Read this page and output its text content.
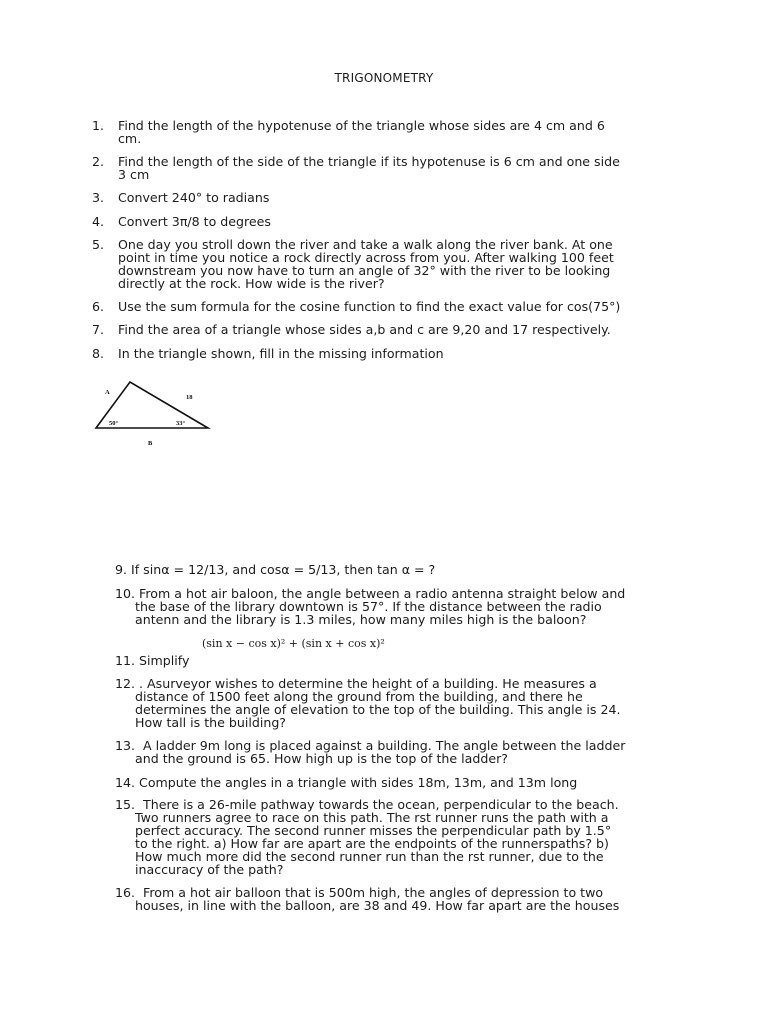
TRIGONOMETRY
1. Find the length of the hypotenuse of the triangle whose sides are 4 cm and 6
cm.
2. Find the length of the side of the triangle if its hypotenuse is 6 cm and one side
3 cm
3. Convert 240° to radians
4. Convert 3π/8 to degrees
5. One day you stroll down the river and take a walk along the river bank. At one
point in time you notice a rock directly across from you. After walking 100 feet
downstream you now have to turn an angle of 32° with the river to be looking
directly at the rock. How wide is the river?
6. Use the sum formula for the cosine function to find the exact value for cos(75°)
7. Find the area of a triangle whose sides a,b and c are 9,20 and 17 respectively.
8. In the triangle shown, fill in the missing information
A
18
50°	33°
B
9. If sinα = 12/13, and cosα = 5/13, then tan α = ?
10. From a hot air baloon, the angle between a radio antenna straight below and
the base of the library downtown is 57°. If the distance between the radio
antenn and the library is 1.3 miles, how many miles high is the baloon?
(sin x − cos x)² + (sin x + cos x)²
11. Simplify
12. . Asurveyor wishes to determine the height of a building. He measures a
distance of 1500 feet along the ground from the building, and there he
determines the angle of elevation to the top of the building. This angle is 24.
How tall is the building?
13.  A ladder 9m long is placed against a building. The angle between the ladder
and the ground is 65. How high up is the top of the ladder?
14. Compute the angles in a triangle with sides 18m, 13m, and 13m long
15.  There is a 26-mile pathway towards the ocean, perpendicular to the beach.
Two runners agree to race on this path. The rst runner runs the path with a
perfect accuracy. The second runner misses the perpendicular path by 1.5°
to the right. a) How far are apart are the endpoints of the runnerspaths? b)
How much more did the second runner run than the rst runner, due to the
inaccuracy of the path?
16.  From a hot air balloon that is 500m high, the angles of depression to two
houses, in line with the balloon, are 38 and 49. How far apart are the houses
